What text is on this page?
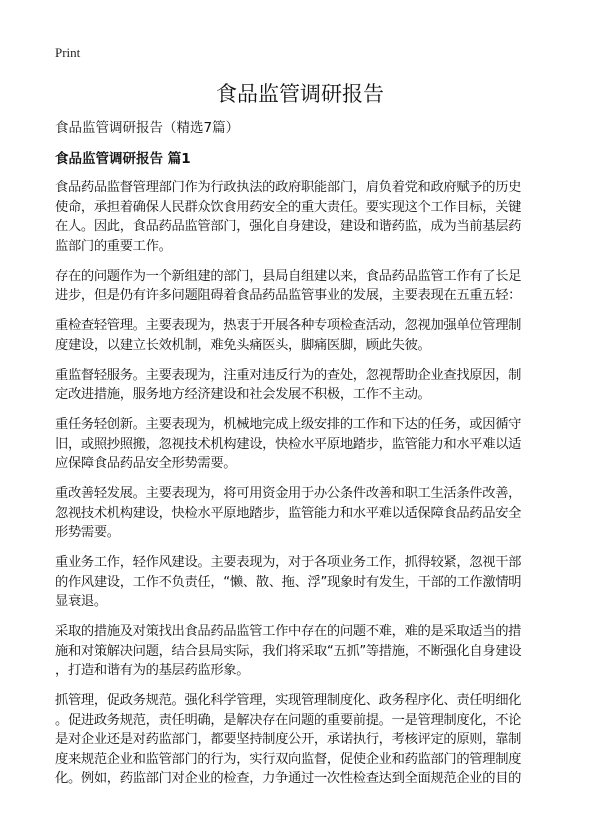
Print
食品监管调研报告
食品监管调研报告（精选7篇）
食品监管调研报告 篇1
食品药品监督管理部门作为行政执法的政府职能部门，肩负着党和政府赋予的历史
使命，承担着确保人民群众饮食用药安全的重大责任。要实现这个工作目标，关键
在人。因此，食品药品监管部门，强化自身建设，建设和谐药监，成为当前基层药
监部门的重要工作。
存在的问题作为一个新组建的部门，县局自组建以来，食品药品监管工作有了长足
进步，但是仍有许多问题阻碍着食品药品监管事业的发展，主要表现在五重五轻：
重检查轻管理。主要表现为，热衷于开展各种专项检查活动，忽视加强单位管理制
度建设，以建立长效机制，难免头痛医头，脚痛医脚，顾此失彼。
重监督轻服务。主要表现为，注重对违反行为的查处，忽视帮助企业查找原因，制
定改进措施，服务地方经济建设和社会发展不积极，工作不主动。
重任务轻创新。主要表现为，机械地完成上级安排的工作和下达的任务，或因循守
旧，或照抄照搬，忽视技术机构建设，快检水平原地踏步，监管能力和水平难以适
应保障食品药品安全形势需要。
重改善轻发展。主要表现为，将可用资金用于办公条件改善和职工生活条件改善，
忽视技术机构建设，快检水平原地踏步，监管能力和水平难以适保障食品药品安全
形势需要。
重业务工作，轻作风建设。主要表现为，对于各项业务工作，抓得较紧，忽视干部
的作风建设，工作不负责任，“懒、散、拖、浮”现象时有发生，干部的工作激情明
显衰退。
采取的措施及对策找出食品药品监管工作中存在的问题不难，难的是采取适当的措
施和对策解决问题，结合县局实际，我们将采取“五抓”等措施，不断强化自身建设
，打造和谐有为的基层药监形象。
抓管理，促政务规范。强化科学管理，实现管理制度化、政务程序化、责任明细化
。促进政务规范，责任明确，是解决存在问题的重要前提。一是管理制度化，不论
是对企业还是对药监部门，都要坚持制度公开，承诺执行，考核评定的原则，靠制
度来规范企业和监管部门的行为，实行双向监督，促使企业和药监部门的管理制度
化。例如，药监部门对企业的检查，力争通过一次性检查达到全面规范企业的目的
